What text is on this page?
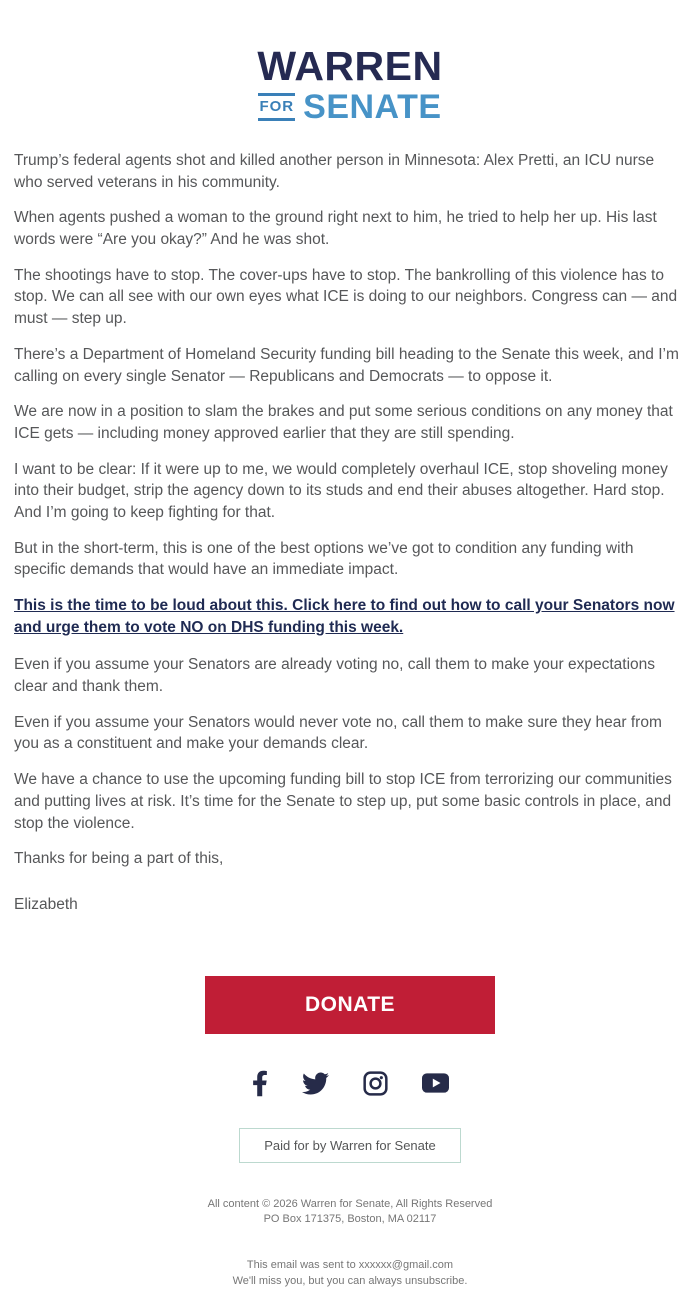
WARREN
FOR SENATE

Trump’s federal agents shot and killed another person in Minnesota: Alex Pretti, an ICU nurse who served veterans in his community.

When agents pushed a woman to the ground right next to him, he tried to help her up. His last words were “Are you okay?” And he was shot.

The shootings have to stop. The cover-ups have to stop. The bankrolling of this violence has to stop. We can all see with our own eyes what ICE is doing to our neighbors. Congress can — and must — step up.

There’s a Department of Homeland Security funding bill heading to the Senate this week, and I’m calling on every single Senator — Republicans and Democrats — to oppose it.

We are now in a position to slam the brakes and put some serious conditions on any money that ICE gets — including money approved earlier that they are still spending.

I want to be clear: If it were up to me, we would completely overhaul ICE, stop shoveling money into their budget, strip the agency down to its studs and end their abuses altogether. Hard stop. And I’m going to keep fighting for that.

But in the short-term, this is one of the best options we’ve got to condition any funding with specific demands that would have an immediate impact.

This is the time to be loud about this. Click here to find out how to call your Senators now and urge them to vote NO on DHS funding this week.

Even if you assume your Senators are already voting no, call them to make your expectations clear and thank them.

Even if you assume your Senators would never vote no, call them to make sure they hear from you as a constituent and make your demands clear.

We have a chance to use the upcoming funding bill to stop ICE from terrorizing our communities and putting lives at risk. It’s time for the Senate to step up, put some basic controls in place, and stop the violence.

Thanks for being a part of this,

Elizabeth

DONATE
Paid for by Warren for Senate
All content © 2026 Warren for Senate, All Rights Reserved
PO Box 171375, Boston, MA 02117
This email was sent to xxxxxx@gmail.com
We'll miss you, but you can always unsubscribe.
